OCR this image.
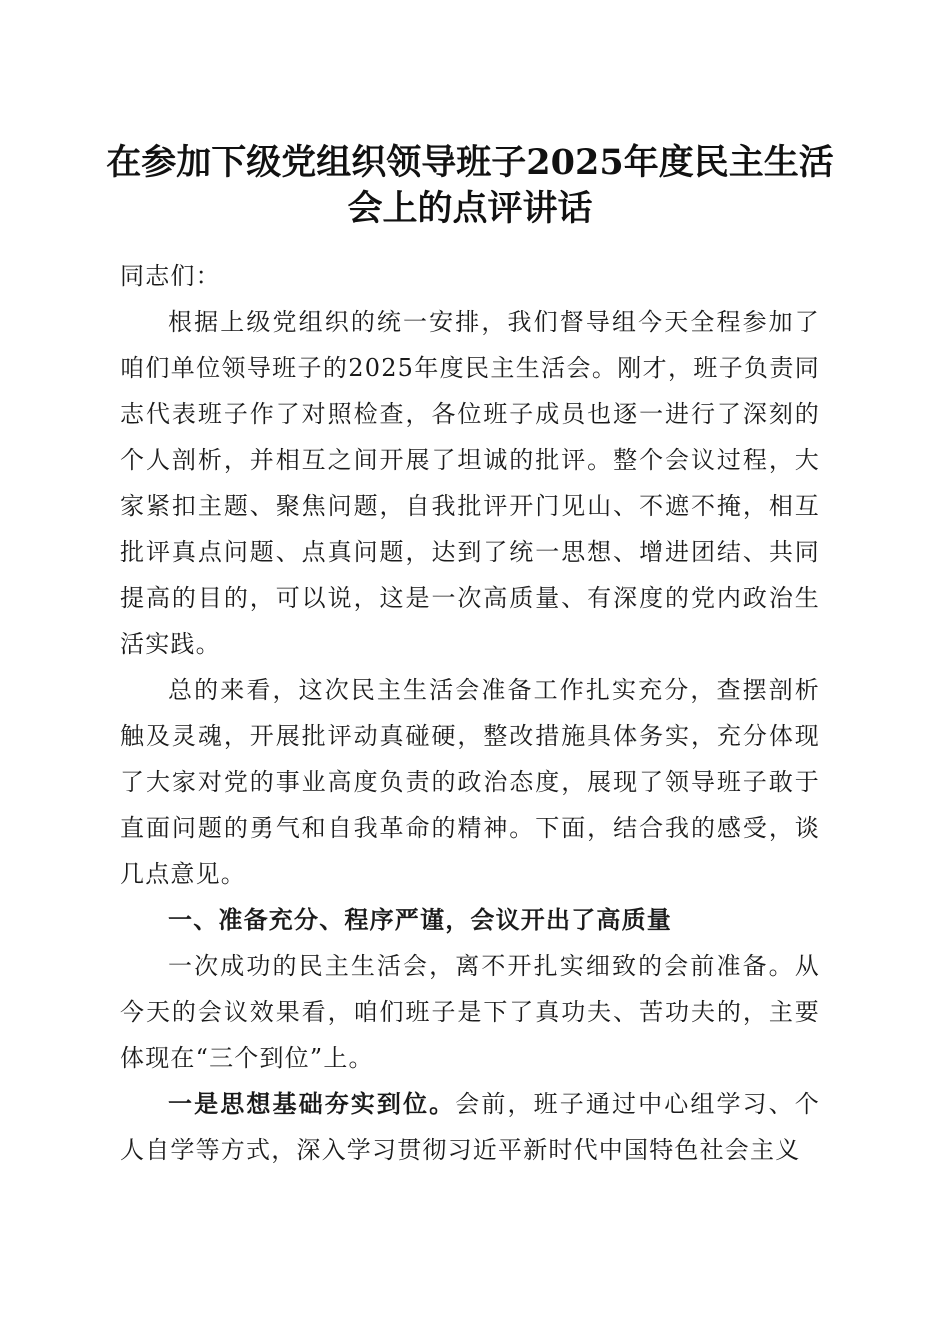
在参加下级党组织领导班子2025年度民主生活会上的点评讲话

同志们：

根据上级党组织的统一安排，我们督导组今天全程参加了咱们单位领导班子的2025年度民主生活会。刚才，班子负责同志代表班子作了对照检查，各位班子成员也逐一进行了深刻的个人剖析，并相互之间开展了坦诚的批评。整个会议过程，大家紧扣主题、聚焦问题，自我批评开门见山、不遮不掩，相互批评真点问题、点真问题，达到了统一思想、增进团结、共同提高的目的，可以说，这是一次高质量、有深度的党内政治生活实践。

总的来看，这次民主生活会准备工作扎实充分，查摆剖析触及灵魂，开展批评动真碰硬，整改措施具体务实，充分体现了大家对党的事业高度负责的政治态度，展现了领导班子敢于直面问题的勇气和自我革命的精神。下面，结合我的感受，谈几点意见。

一、准备充分、程序严谨，会议开出了高质量

一次成功的民主生活会，离不开扎实细致的会前准备。从今天的会议效果看，咱们班子是下了真功夫、苦功夫的，主要体现在“三个到位”上。

一是思想基础夯实到位。会前，班子通过中心组学习、个人自学等方式，深入学习贯彻习近平新时代中国特色社会主义
